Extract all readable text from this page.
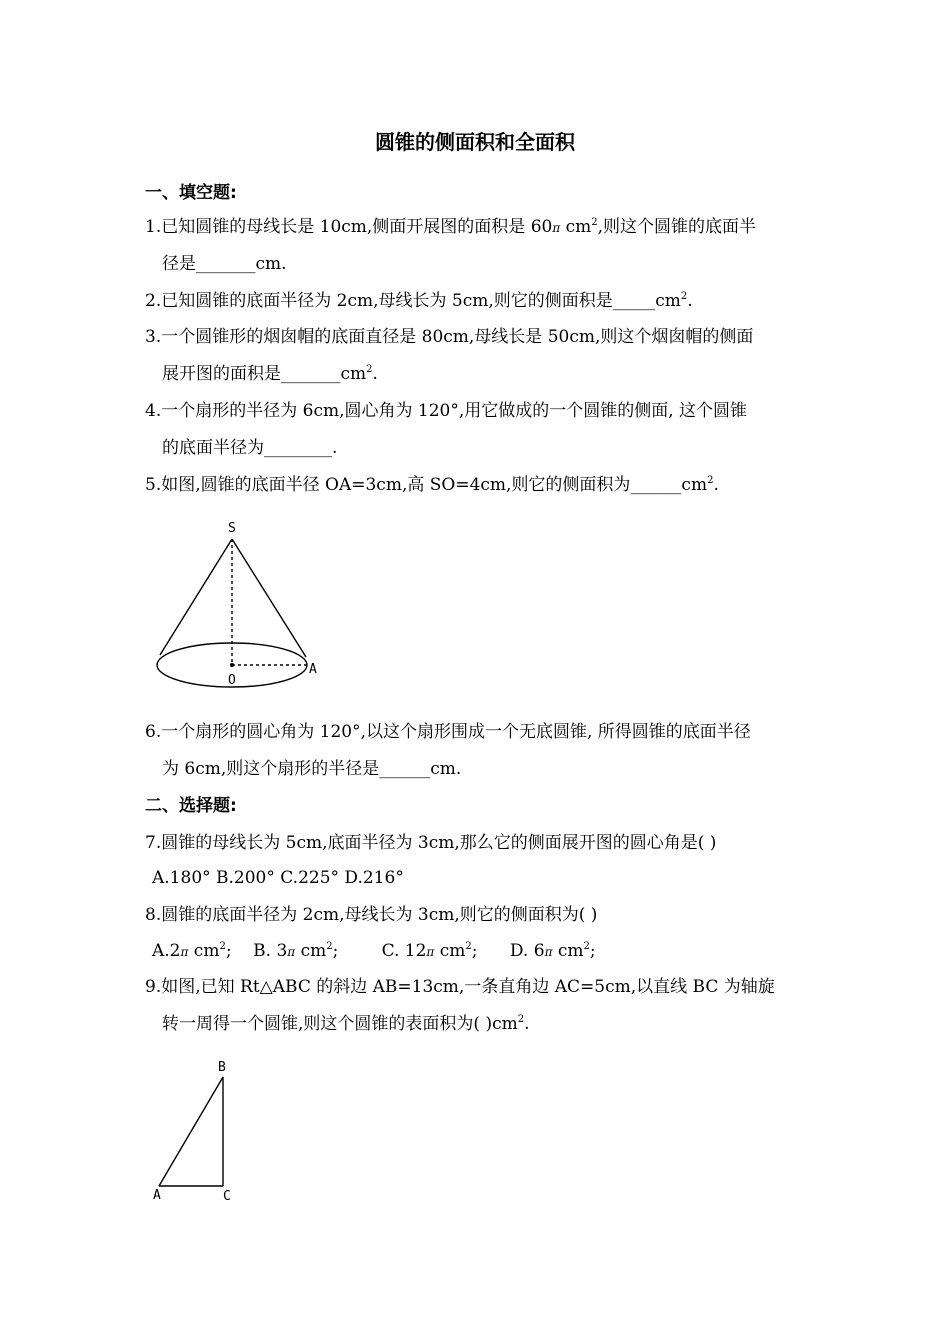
圆锥的侧面积和全面积
一、填空题:
1.已知圆锥的母线长是 10cm,侧面开展图的面积是 60π $cm^2$,则这个圆锥的底面半
径是_______cm.
2.已知圆锥的底面半径为 2cm,母线长为 5cm,则它的侧面积是$\_\_\_\_\_cm^2$.
3.一个圆锥形的烟囱帽的底面直径是 80cm,母线长是 50cm,则这个烟囱帽的侧面
展开图的面积是$\_\_\_\_\_\_\_cm^2$.
4.一个扇形的半径为 6cm,圆心角为 120°,用它做成的一个圆锥的侧面, 这个圆锥
的底面半径为________.
5.如图,圆锥的底面半径 OA=3cm,高 SO=4cm,则它的侧面积为$\_\_\_\_\_\_cm^2$.
S
O
A
6.一个扇形的圆心角为 120°,以这个扇形围成一个无底圆锥, 所得圆锥的底面半径
为 6cm,则这个扇形的半径是______cm.
二、选择题:
7.圆锥的母线长为 5cm,底面半径为 3cm,那么它的侧面展开图的圆心角是( )
A.180° B.200° C.225° D.216°
8.圆锥的底面半径为 2cm,母线长为 3cm,则它的侧面积为( )
A.2π $cm^2$; B. 3π $cm^2$;	C. 12π $cm^2$; D. 6π $cm^2$;
9.如图,已知 Rt△ABC 的斜边 AB=13cm,一条直角边 AC=5cm,以直线 BC 为轴旋
转一周得一个圆锥,则这个圆锥的表面积为( )$cm^2$.
B
A	C
